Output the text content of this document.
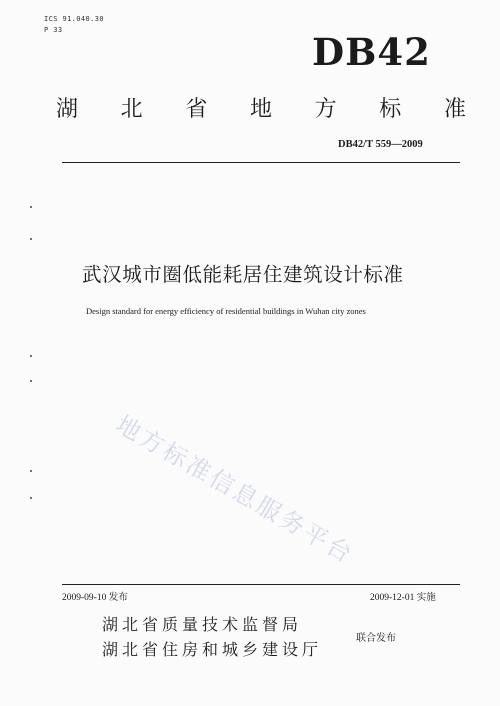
ICS 91.040.30
P 33	DB42
湖 北 省 地 方 标 准
DB42/T 559—2009
武汉城市圈低能耗居住建筑设计标准
Design standard for energy efficiency of residential buildings in Wuhan city zones
地方标准信息服务平台
2009-09-10 发布	2009-12-01 实施
湖北省质量技术监督局
湖北省住房和城乡建设厅
联合发布
